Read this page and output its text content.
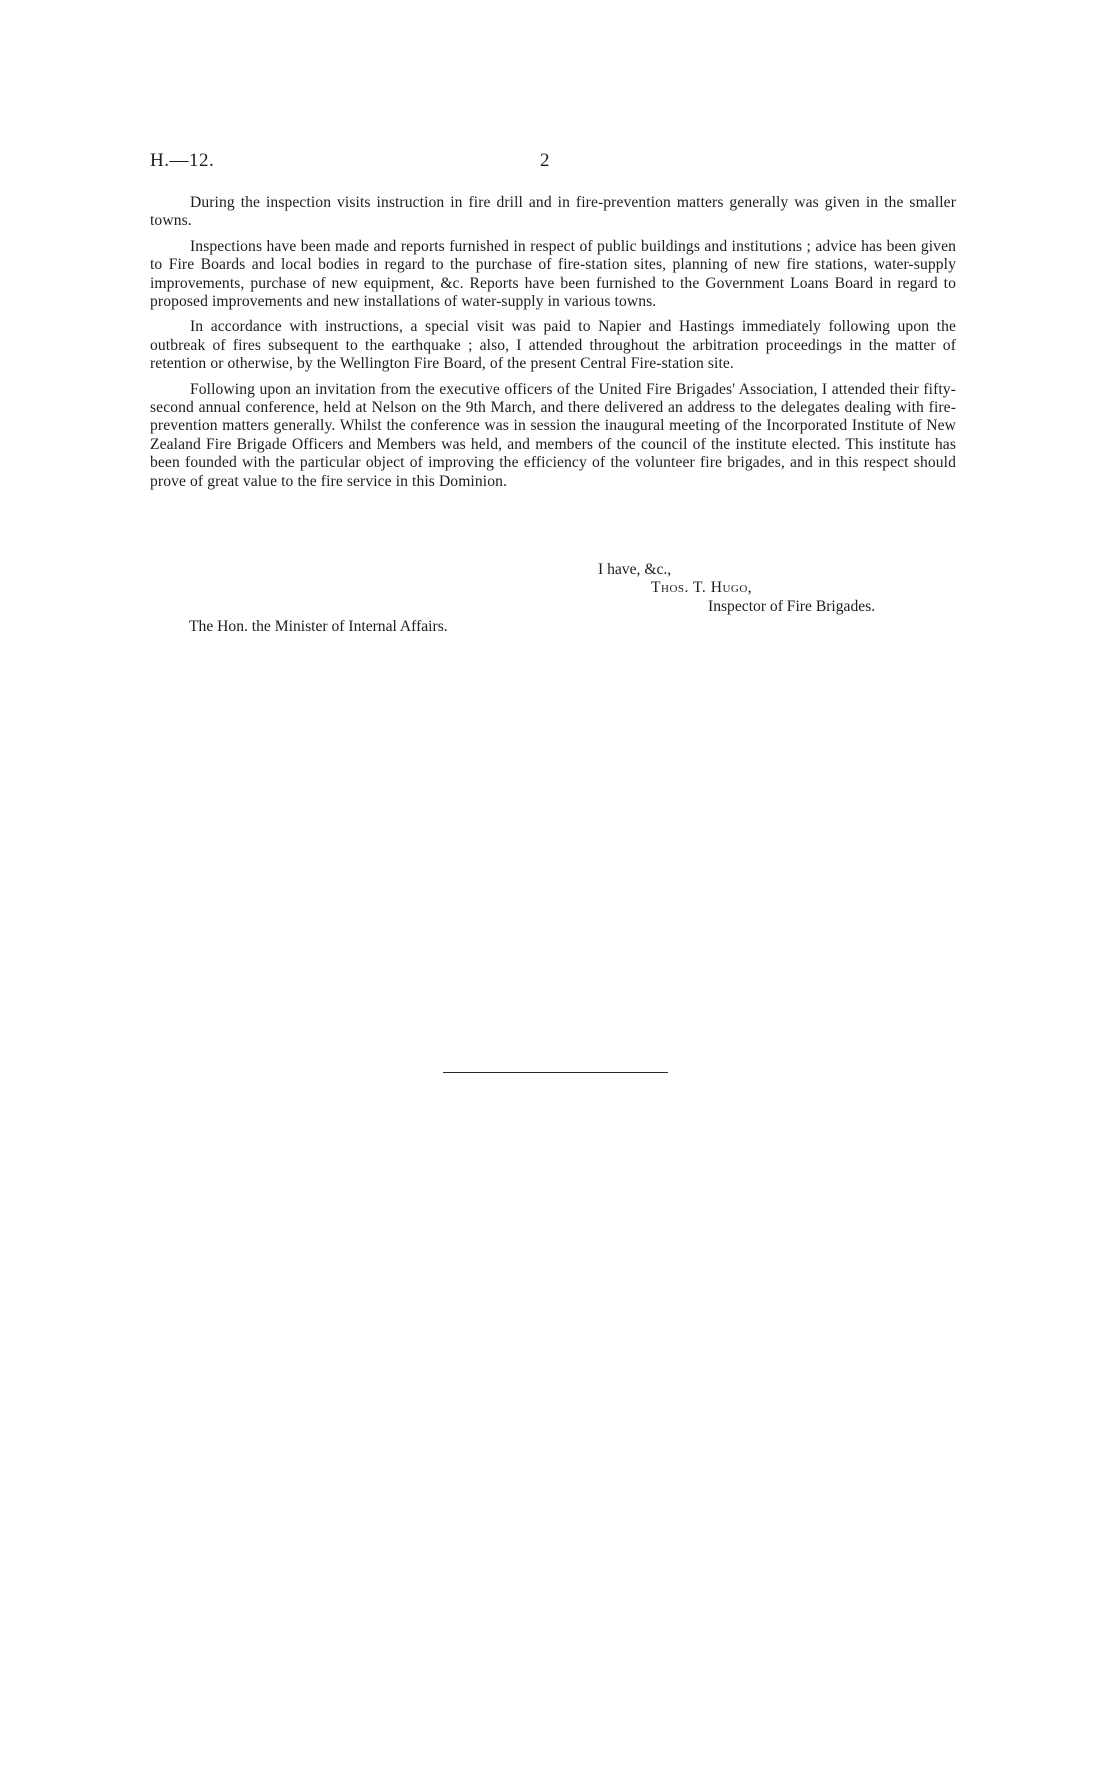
H.—12.	2

During the inspection visits instruction in fire drill and in fire-prevention matters generally was given in the smaller towns.

Inspections have been made and reports furnished in respect of public buildings and institutions ; advice has been given to Fire Boards and local bodies in regard to the purchase of fire-station sites, planning of new fire stations, water-supply improvements, purchase of new equipment, &c. Reports have been furnished to the Government Loans Board in regard to proposed improvements and new installations of water-supply in various towns.

In accordance with instructions, a special visit was paid to Napier and Hastings immediately following upon the outbreak of fires subsequent to the earthquake ; also, I attended throughout the arbitration proceedings in the matter of retention or otherwise, by the Wellington Fire Board, of the present Central Fire-station site.

Following upon an invitation from the executive officers of the United Fire Brigades' Association, I attended their fifty-second annual conference, held at Nelson on the 9th March, and there delivered an address to the delegates dealing with fire-prevention matters generally. Whilst the conference was in session the inaugural meeting of the Incorporated Institute of New Zealand Fire Brigade Officers and Members was held, and members of the council of the institute elected. This institute has been founded with the particular object of improving the efficiency of the volunteer fire brigades, and in this respect should prove of great value to the fire service in this Dominion.

I have, &c.,
Thos. T. Hugo,
Inspector of Fire Brigades.
The Hon. the Minister of Internal Affairs.
